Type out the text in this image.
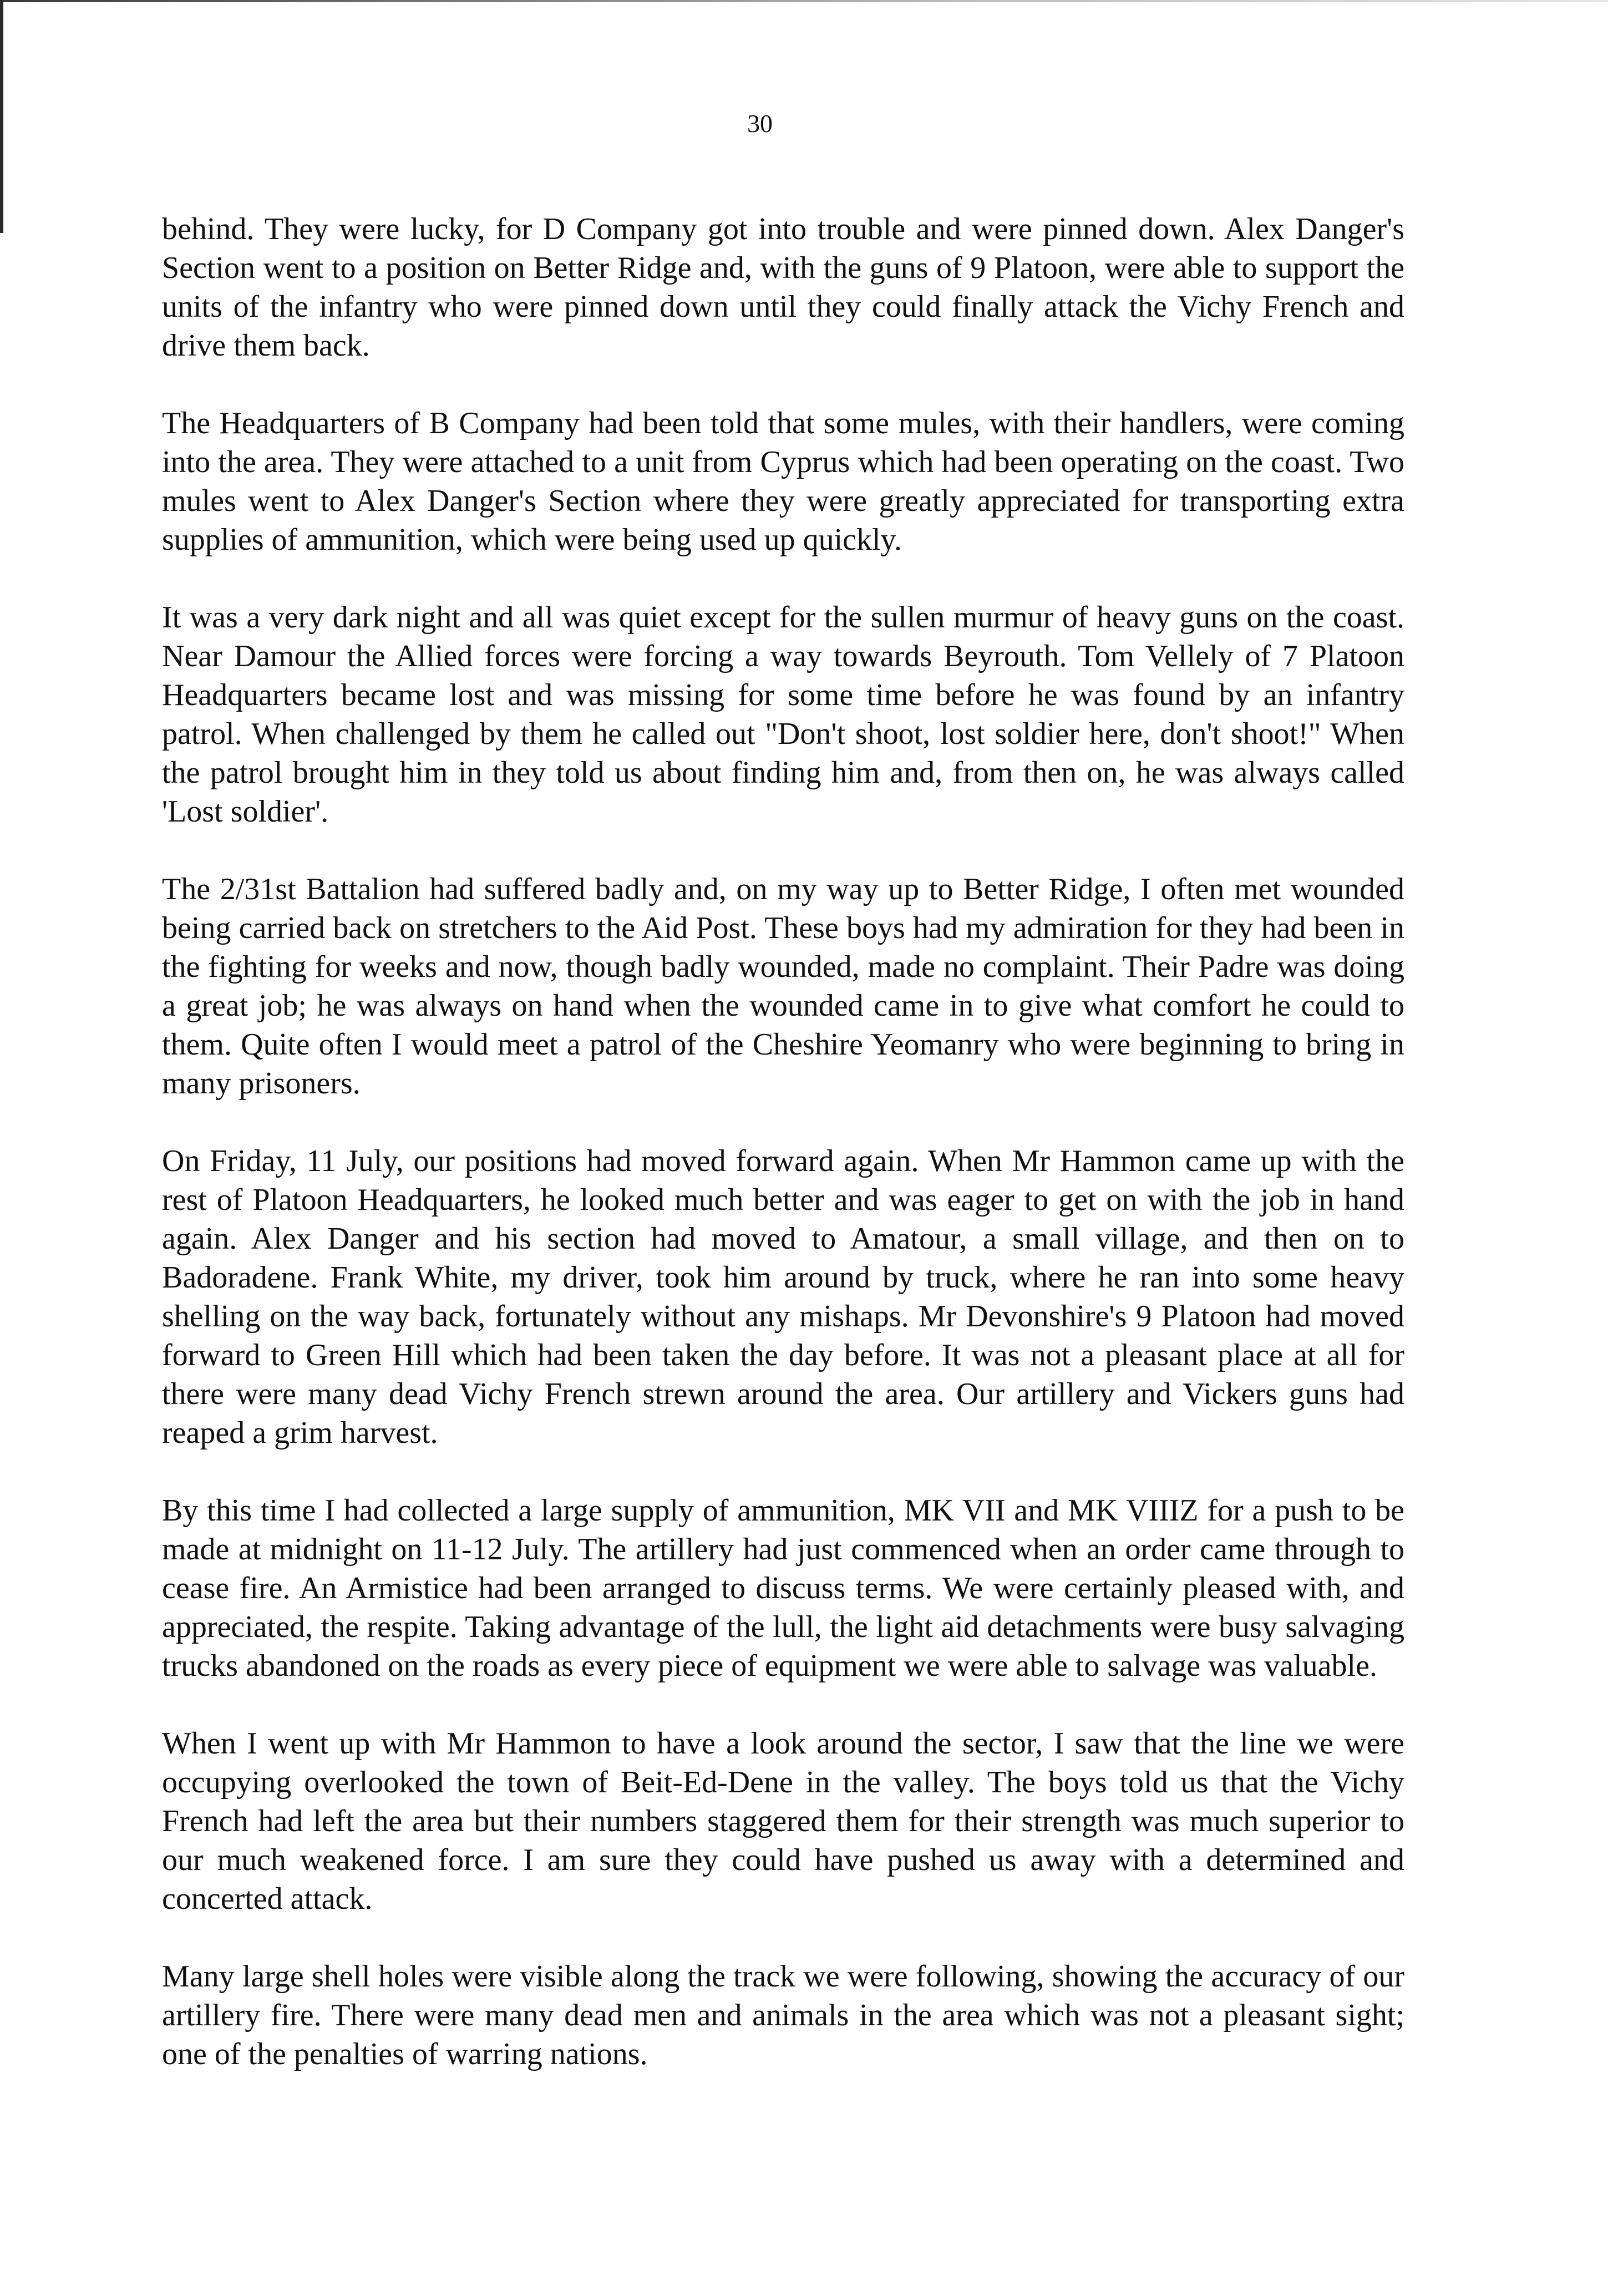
30

behind. They were lucky, for D Company got into trouble and were pinned down. Alex Danger's Section went to a position on Better Ridge and, with the guns of 9 Platoon, were able to support the units of the infantry who were pinned down until they could finally attack the Vichy French and drive them back.

The Headquarters of B Company had been told that some mules, with their handlers, were coming into the area. They were attached to a unit from Cyprus which had been operating on the coast. Two mules went to Alex Danger's Section where they were greatly appreciated for transporting extra supplies of ammunition, which were being used up quickly.

It was a very dark night and all was quiet except for the sullen murmur of heavy guns on the coast. Near Damour the Allied forces were forcing a way towards Beyrouth. Tom Vellely of 7 Platoon Headquarters became lost and was missing for some time before he was found by an infantry patrol. When challenged by them he called out "Don't shoot, lost soldier here, don't shoot!" When the patrol brought him in they told us about finding him and, from then on, he was always called 'Lost soldier'.

The 2/31st Battalion had suffered badly and, on my way up to Better Ridge, I often met wounded being carried back on stretchers to the Aid Post. These boys had my admiration for they had been in the fighting for weeks and now, though badly wounded, made no complaint. Their Padre was doing a great job; he was always on hand when the wounded came in to give what comfort he could to them. Quite often I would meet a patrol of the Cheshire Yeomanry who were beginning to bring in many prisoners.

On Friday, 11 July, our positions had moved forward again. When Mr Hammon came up with the rest of Platoon Headquarters, he looked much better and was eager to get on with the job in hand again. Alex Danger and his section had moved to Amatour, a small village, and then on to Badoradene. Frank White, my driver, took him around by truck, where he ran into some heavy shelling on the way back, fortunately without any mishaps. Mr Devonshire's 9 Platoon had moved forward to Green Hill which had been taken the day before. It was not a pleasant place at all for there were many dead Vichy French strewn around the area. Our artillery and Vickers guns had reaped a grim harvest.

By this time I had collected a large supply of ammunition, MK VII and MK VIIIZ for a push to be made at midnight on 11-12 July. The artillery had just commenced when an order came through to cease fire. An Armistice had been arranged to discuss terms. We were certainly pleased with, and appreciated, the respite. Taking advantage of the lull, the light aid detachments were busy salvaging trucks abandoned on the roads as every piece of equipment we were able to salvage was valuable.

When I went up with Mr Hammon to have a look around the sector, I saw that the line we were occupying overlooked the town of Beit-Ed-Dene in the valley. The boys told us that the Vichy French had left the area but their numbers staggered them for their strength was much superior to our much weakened force. I am sure they could have pushed us away with a determined and concerted attack.

Many large shell holes were visible along the track we were following, showing the accuracy of our artillery fire. There were many dead men and animals in the area which was not a pleasant sight; one of the penalties of warring nations.
